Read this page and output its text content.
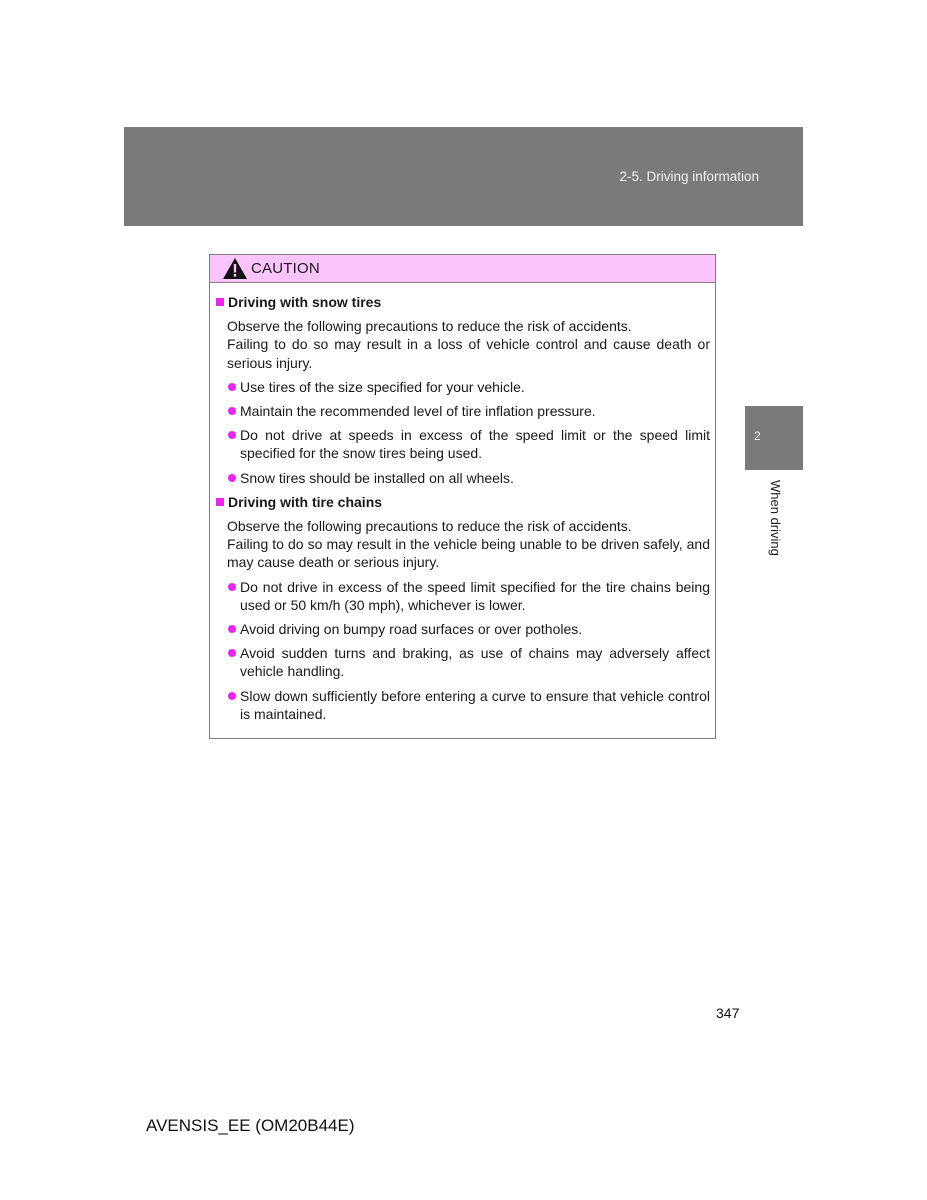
2-5. Driving information
2
When driving
CAUTION
Driving with snow tires
Observe the following precautions to reduce the risk of accidents.
Failing to do so may result in a loss of vehicle control and cause death or serious injury.
Use tires of the size specified for your vehicle.
Maintain the recommended level of tire inflation pressure.
Do not drive at speeds in excess of the speed limit or the speed limit specified for the snow tires being used.
Snow tires should be installed on all wheels.
Driving with tire chains
Observe the following precautions to reduce the risk of accidents.
Failing to do so may result in the vehicle being unable to be driven safely, and may cause death or serious injury.
Do not drive in excess of the speed limit specified for the tire chains being used or 50 km/h (30 mph), whichever is lower.
Avoid driving on bumpy road surfaces or over potholes.
Avoid sudden turns and braking, as use of chains may adversely affect vehicle handling.
Slow down sufficiently before entering a curve to ensure that vehicle control is maintained.
347
AVENSIS_EE (OM20B44E)
